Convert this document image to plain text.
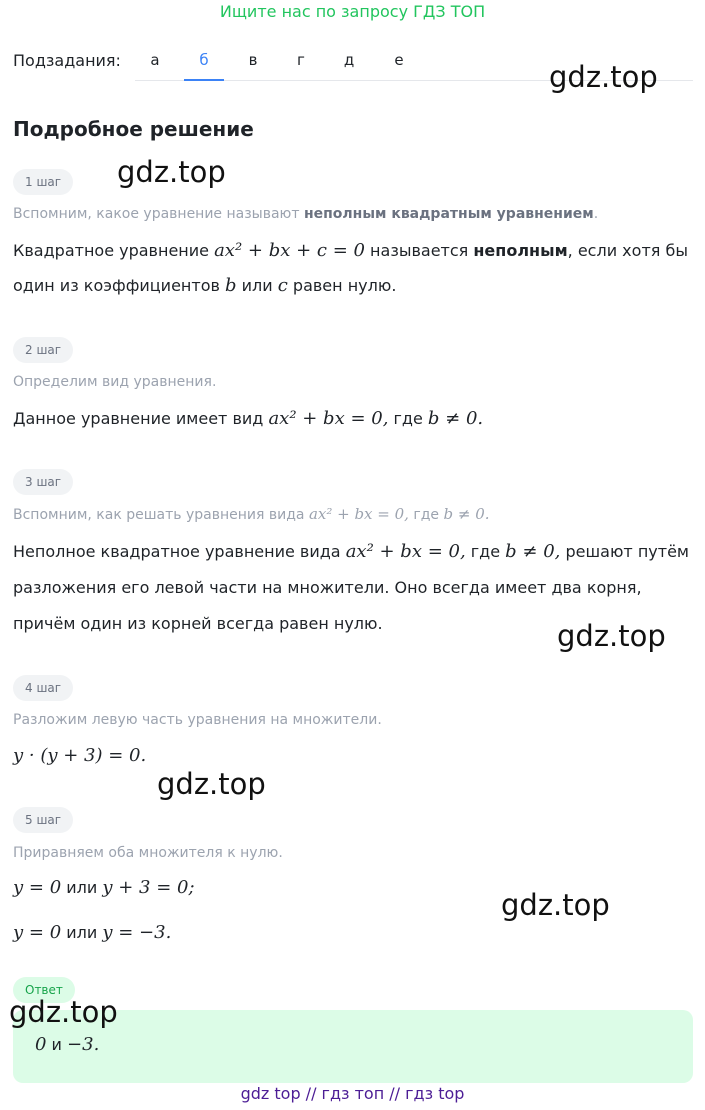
Ищите нас по запросу ГДЗ ТОП
Подзадания:	а	б	в	г	д	е
Подробное решение
1 шаг
Вспомним, какое уравнение называют неполным квадратным уравнением.
Квадратное уравнение ax² + bx + c = 0 называется неполным, если хотя бы
один из коэффициентов b или c равен нулю.
2 шаг
Определим вид уравнения.
Данное уравнение имеет вид ax² + bx = 0, где b ≠ 0.
3 шаг
Вспомним, как решать уравнения вида ax² + bx = 0, где b ≠ 0.
Неполное квадратное уравнение вида ax² + bx = 0, где b ≠ 0, решают путём
разложения его левой части на множители. Оно всегда имеет два корня,
причём один из корней всегда равен нулю.
4 шаг
Разложим левую часть уравнения на множители.
y · (y + 3) = 0.
5 шаг
Приравняем оба множителя к нулю.
y = 0 или y + 3 = 0;
y = 0 или y = −3.
Ответ
0 и −3.
gdz.top
gdz.top
gdz.top
gdz.top
gdz.top
gdz.top
gdz top // гдз топ // гдз top
